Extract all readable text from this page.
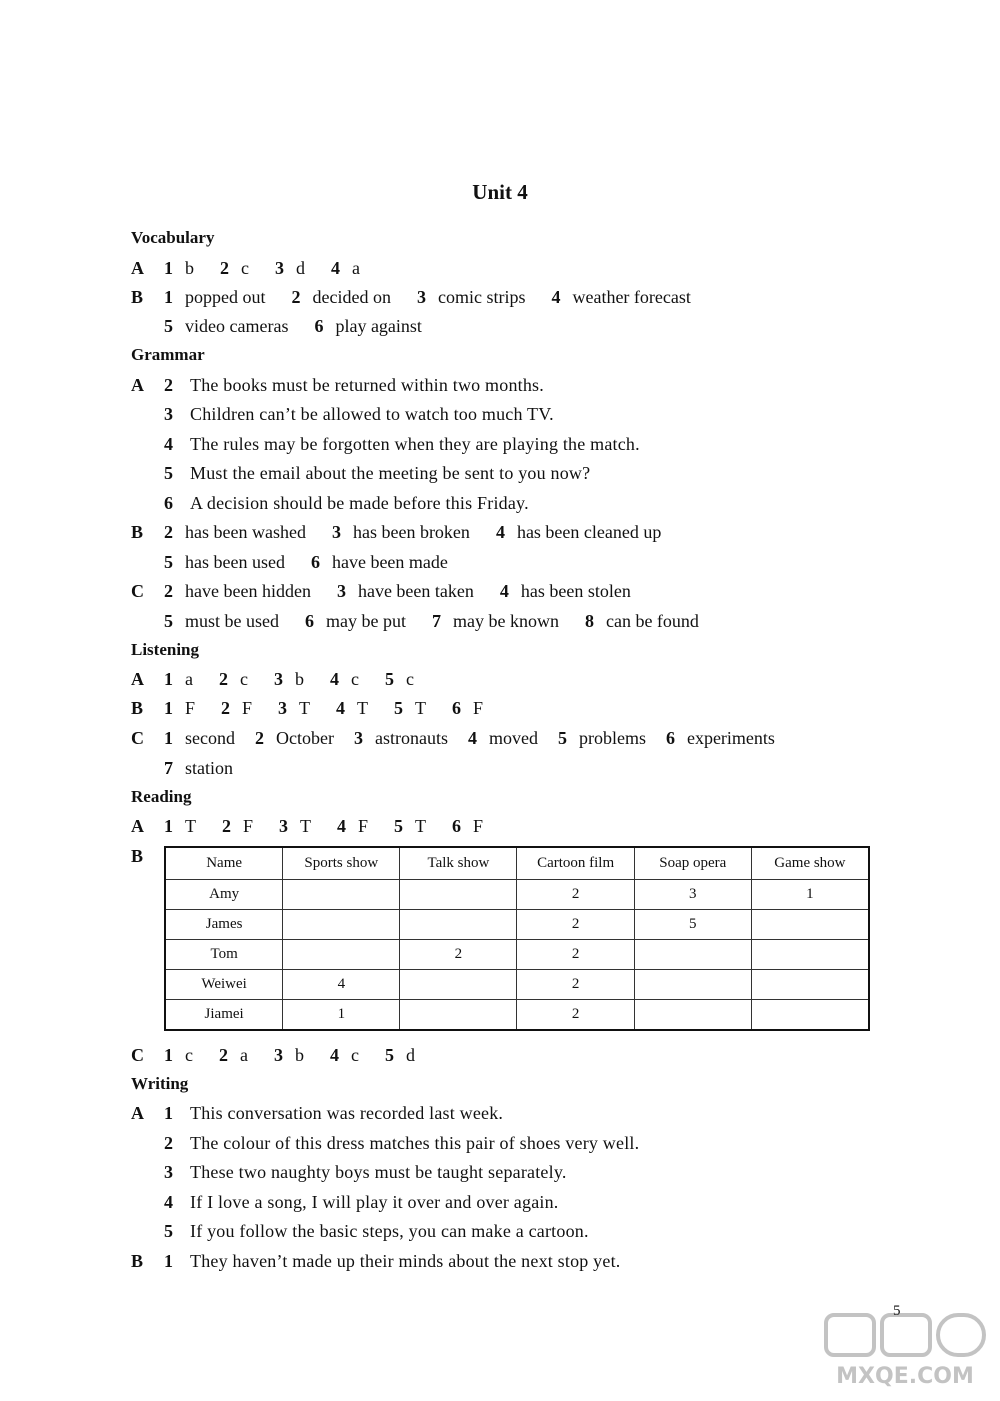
Unit 4
Vocabulary
A 1 b 2 c 3 d 4 a
B 1 popped out 2 decided on 3 comic strips 4 weather forecast
5 video cameras 6 play against
Grammar
A 2 The books must be returned within two months.
3 Children can’t be allowed to watch too much TV.
4 The rules may be forgotten when they are playing the match.
5 Must the email about the meeting be sent to you now?
6 A decision should be made before this Friday.
B 2 has been washed 3 has been broken 4 has been cleaned up
5 has been used 6 have been made
C 2 have been hidden 3 have been taken 4 has been stolen
5 must be used 6 may be put 7 may be known 8 can be found
Listening
A 1 a 2 c 3 b 4 c 5 c
B 1 F 2 F 3 T 4 T 5 T 6 F
C 1 second 2 October 3 astronauts 4 moved 5 problems 6 experiments
7 station
Reading
A 1 T 2 F 3 T 4 F 5 T 6 F
B	Name	Sports show	Talk show	Cartoon film	Soap opera	Game show
Amy			2	3	1
James			2	5	
Tom		2	2		
Weiwei	4		2		
Jiamei	1		2		
C 1 c 2 a 3 b 4 c 5 d
Writing
A 1 This conversation was recorded last week.
2 The colour of this dress matches this pair of shoes very well.
3 These two naughty boys must be taught separately.
4 If I love a song, I will play it over and over again.
5 If you follow the basic steps, you can make a cartoon.
B 1 They haven’t made up their minds about the next stop yet.
5
MXQE.COM
